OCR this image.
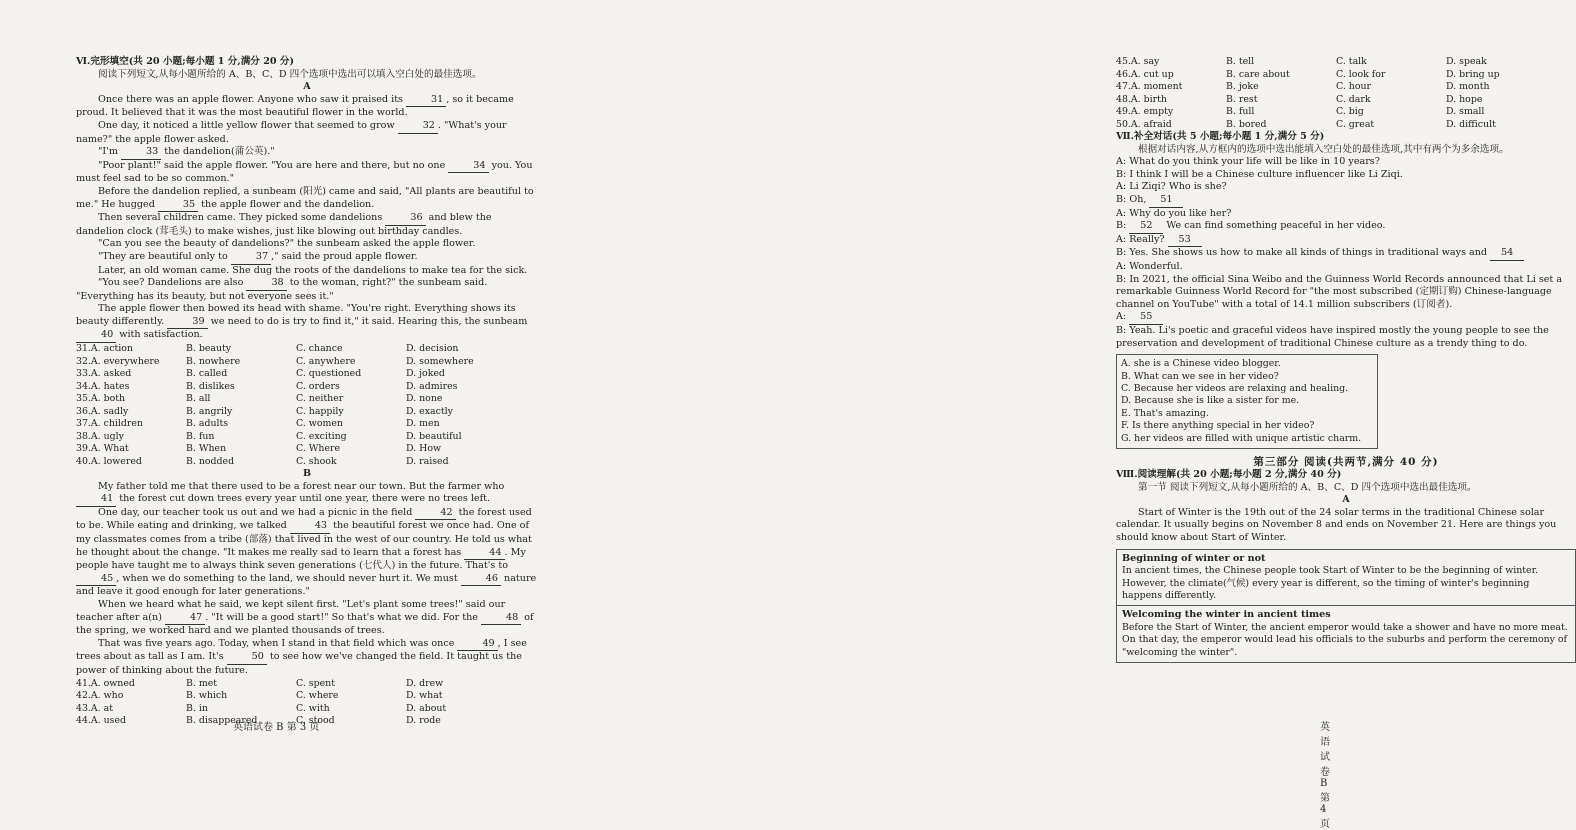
Ⅵ.完形填空(共 20 小题;每小题 1 分,满分 20 分)
阅读下列短文,从每小题所给的 A、B、C、D 四个选项中选出可以填入空白处的最佳选项。
A
Once there was an apple flower. Anyone who saw it praised its	31 , so it became proud. It believed that it was the most beautiful flower in the world.
One day, it noticed a little yellow flower that seemed to grow	32 . "What's your name?" the apple flower asked.
"I'm	33 the dandelion(蒲公英)."
"Poor plant!" said the apple flower. "You are here and there, but no one	34 you. You must feel sad to be so common."
Before the dandelion replied, a sunbeam (阳光) came and said, "All plants are beautiful to me." He hugged	35 the apple flower and the dandelion.
Then several children came. They picked some dandelions	36 and blew the dandelion clock (茸毛头) to make wishes, just like blowing out birthday candles.
"Can you see the beauty of dandelions?" the sunbeam asked the apple flower.
"They are beautiful only to	37 ," said the proud apple flower.
Later, an old woman came. She dug the roots of the dandelions to make tea for the sick.
"You see? Dandelions are also	38 to the woman, right?" the sunbeam said. "Everything has its beauty, but not everyone sees it."
The apple flower then bowed its head with shame. "You're right. Everything shows its beauty differently.	39 we need to do is try to find it," it said. Hearing this, the sunbeam 40 with satisfaction.
31.A. action	B. beauty	C. chance	D. decision
32.A. everywhere	B. nowhere	C. anywhere	D. somewhere
33.A. asked	B. called	C. questioned	D. joked
34.A. hates	B. dislikes	C. orders	D. admires
35.A. both	B. all	C. neither	D. none
36.A. sadly	B. angrily	C. happily	D. exactly
37.A. children	B. adults	C. women	D. men
38.A. ugly	B. fun	C. exciting	D. beautiful
39.A. What	B. When	C. Where	D. How
40.A. lowered	B. nodded	C. shook	D. raised
B
My father told me that there used to be a forest near our town. But the farmer who 41 the forest cut down trees every year until one year, there were no trees left.
One day, our teacher took us out and we had a picnic in the field	42 the forest used to be. While eating and drinking, we talked	43 the beautiful forest we once had. One of my classmates comes from a tribe (部落) that lived in the west of our country. He told us what he thought about the change. "It makes me really sad to learn that a forest has	44 . My people have taught me to always think seven generations (七代人) in the future. That's to 45 , when we do something to the land, we should never hurt it. We must	46 nature and leave it good enough for later generations."
When we heard what he said, we kept silent first. "Let's plant some trees!" said our teacher after a(n)	47 . "It will be a good start!" So that's what we did. For the	48 of the spring, we worked hard and we planted thousands of trees.
That was five years ago. Today, when I stand in that field which was once	49 , I see trees about as tall as I am. It's	50 to see how we've changed the field. It taught us the power of thinking about the future.
41.A. owned	B. met	C. spent	D. drew
42.A. who	B. which	C. where	D. what
43.A. at	B. in	C. with	D. about
44.A. used	B. disappeared	C. stood	D. rode
英语试卷 B 第 3 页
45.A. say	B. tell	C. talk	D. speak
46.A. cut up	B. care about	C. look for	D. bring up
47.A. moment	B. joke	C. hour	D. month
48.A. birth	B. rest	C. dark	D. hope
49.A. empty	B. full	C. big	D. small
50.A. afraid	B. bored	C. great	D. difficult
Ⅶ.补全对话(共 5 小题;每小题 1 分,满分 5 分)
根据对话内容,从方框内的选项中选出能填入空白处的最佳选项,其中有两个为多余选项。
A: What do you think your life will be like in 10 years?
B: I think I will be a Chinese culture influencer like Li Ziqi.
A: Li Ziqi? Who is she?
B: Oh, 51
A: Why do you like her?
B: 52 We can find something peaceful in her video.
A: Really? 53
B: Yes. She shows us how to make all kinds of things in traditional ways and 54
A: Wonderful.
B: In 2021, the official Sina Weibo and the Guinness World Records announced that Li set a remarkable Guinness World Record for "the most subscribed (定期订购) Chinese-language channel on YouTube" with a total of 14.1 million subscribers (订阅者).
A: 55
B: Yeah. Li's poetic and graceful videos have inspired mostly the young people to see the preservation and development of traditional Chinese culture as a trendy thing to do.
A. she is a Chinese video blogger.
B. What can we see in her video?
C. Because her videos are relaxing and healing.
D. Because she is like a sister for me.
E. That's amazing.
F. Is there anything special in her video?
G. her videos are filled with unique artistic charm.
第三部分 阅读(共两节,满分 40 分)
Ⅷ.阅读理解(共 20 小题;每小题 2 分,满分 40 分)
第一节 阅读下列短文,从每小题所给的 A、B、C、D 四个选项中选出最佳选项。
A
Start of Winter is the 19th out of the 24 solar terms in the traditional Chinese solar calendar. It usually begins on November 8 and ends on November 21. Here are things you should know about Start of Winter.
Beginning of winter or not
In ancient times, the Chinese people took Start of Winter to be the beginning of winter. However, the climate(气候) every year is different, so the timing of winter's beginning happens differently.
Welcoming the winter in ancient times
Before the Start of Winter, the ancient emperor would take a shower and have no more meat. On that day, the emperor would lead his officials to the suburbs and perform the ceremony of "welcoming the winter".
英语试卷 B 第 4 页
